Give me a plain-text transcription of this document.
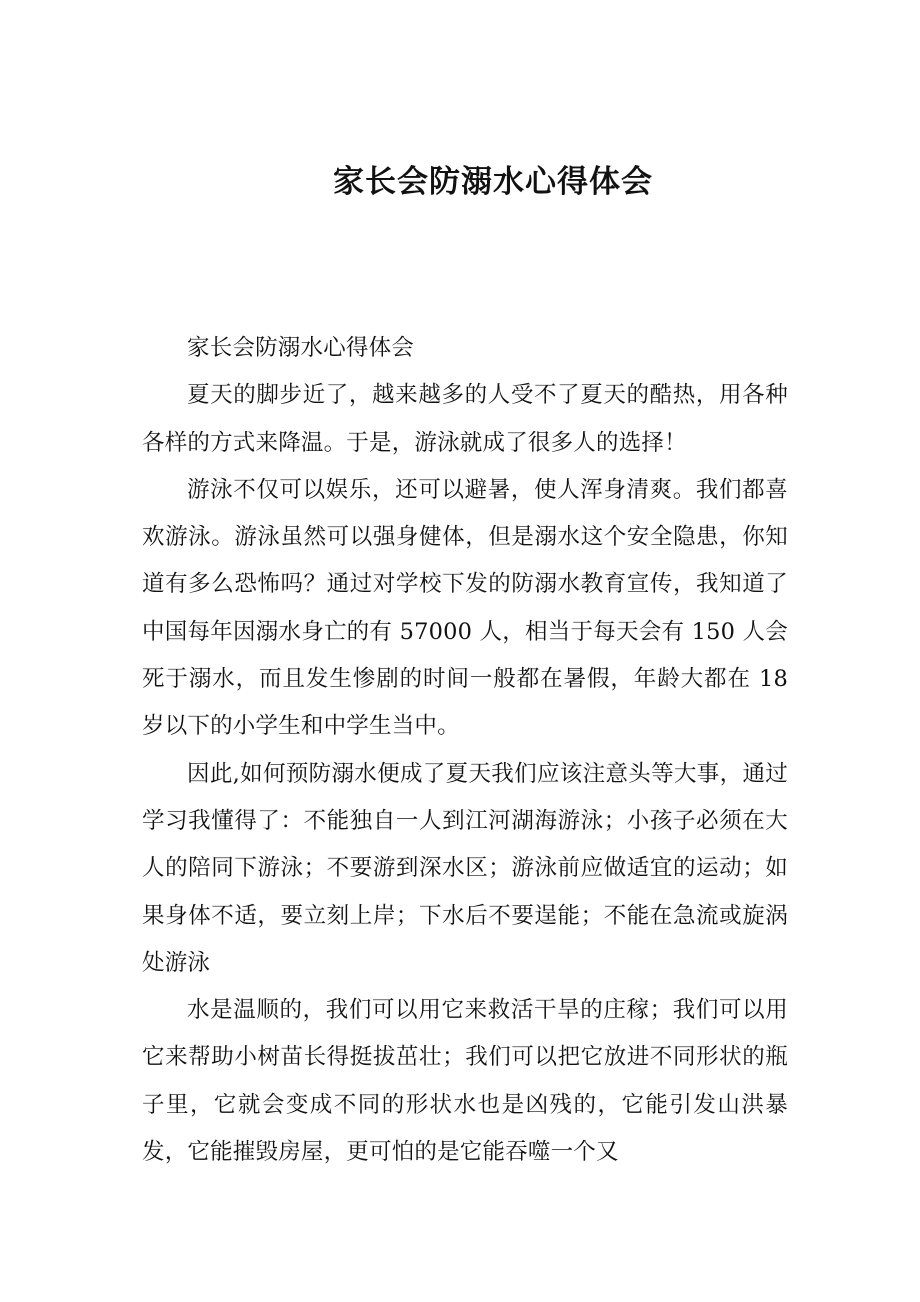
家长会防溺水心得体会

家长会防溺水心得体会

夏天的脚步近了，越来越多的人受不了夏天的酷热，用各种各样的方式来降温。于是，游泳就成了很多人的选择！

游泳不仅可以娱乐，还可以避暑，使人浑身清爽。我们都喜欢游泳。游泳虽然可以强身健体，但是溺水这个安全隐患，你知道有多么恐怖吗？通过对学校下发的防溺水教育宣传，我知道了中国每年因溺水身亡的有 57000 人，相当于每天会有 150 人会死于溺水，而且发生惨剧的时间一般都在暑假，年龄大都在 18 岁以下的小学生和中学生当中。

因此,如何预防溺水便成了夏天我们应该注意头等大事，通过学习我懂得了：不能独自一人到江河湖海游泳；小孩子必须在大人的陪同下游泳；不要游到深水区；游泳前应做适宜的运动；如果身体不适，要立刻上岸；下水后不要逞能；不能在急流或旋涡处游泳

水是温顺的，我们可以用它来救活干旱的庄稼；我们可以用它来帮助小树苗长得挺拔茁壮；我们可以把它放进不同形状的瓶子里，它就会变成不同的形状水也是凶残的，它能引发山洪暴发，它能摧毁房屋，更可怕的是它能吞噬一个又
